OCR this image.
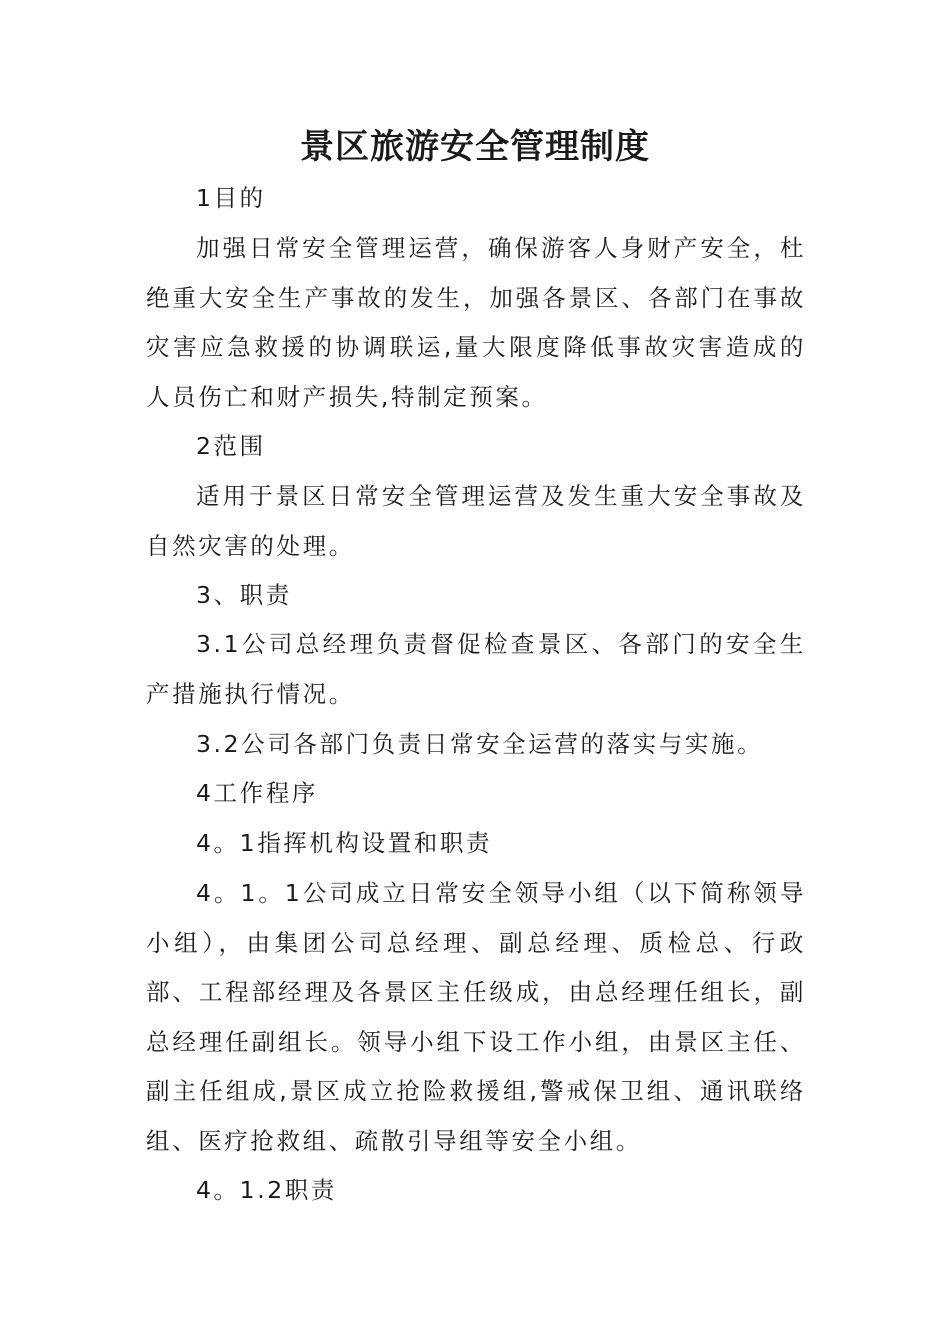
景区旅游安全管理制度

1目的

加强日常安全管理运营，确保游客人身财产安全，杜绝重大安全生产事故的发生，加强各景区、各部门在事故灾害应急救援的协调联运,量大限度降低事故灾害造成的人员伤亡和财产损失,特制定预案。

2范围

适用于景区日常安全管理运营及发生重大安全事故及自然灾害的处理。

3、职责

3.1公司总经理负责督促检查景区、各部门的安全生产措施执行情况。

3.2公司各部门负责日常安全运营的落实与实施。

4工作程序

4。1指挥机构设置和职责

4。1。1公司成立日常安全领导小组（以下简称领导小组），由集团公司总经理、副总经理、质检总、行政部、工程部经理及各景区主任级成，由总经理任组长，副总经理任副组长。领导小组下设工作小组，由景区主任、副主任组成,景区成立抢险救援组,警戒保卫组、通讯联络组、医疗抢救组、疏散引导组等安全小组。

4。1.2职责
